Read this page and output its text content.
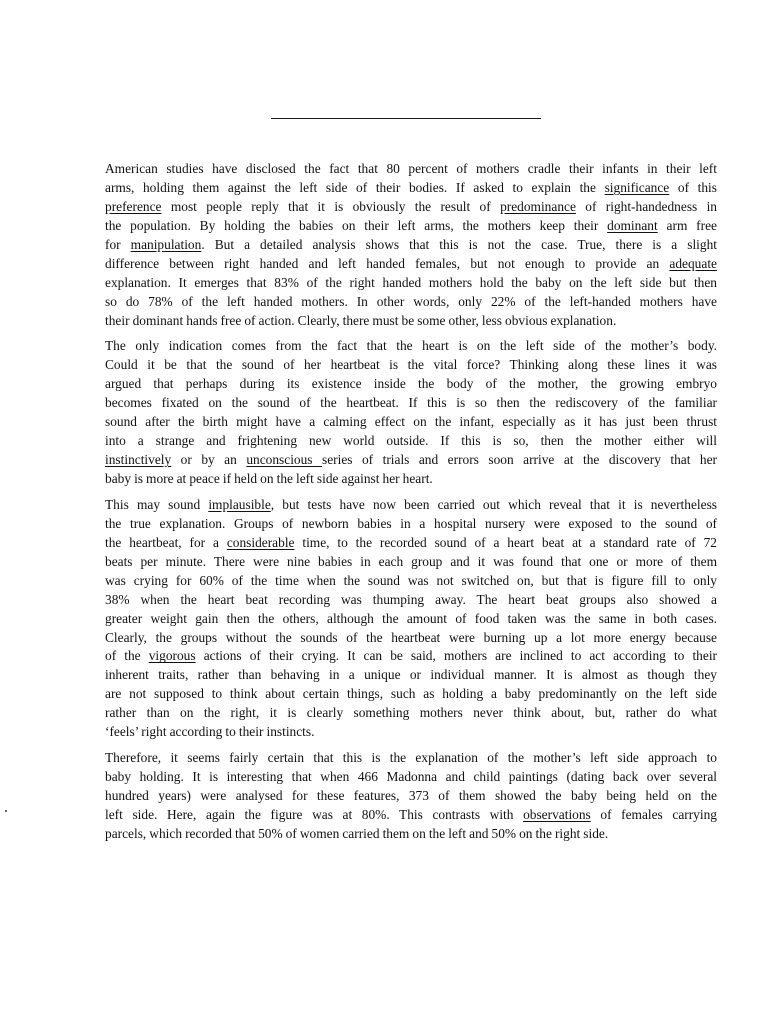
American studies have disclosed the fact that 80 percent of mothers cradle their infants in their left
arms, holding them against the left side of their bodies. If asked to explain the significance of this
preference most people reply that it is obviously the result of predominance of right-handedness in
the population. By holding the babies on their left arms, the mothers keep their dominant arm free
for manipulation. But a detailed analysis shows that this is not the case. True, there is a slight
difference between right handed and left handed females, but not enough to provide an adequate
explanation. It emerges that 83% of the right handed mothers hold the baby on the left side but then
so do 78% of the left handed mothers. In other words, only 22% of the left-handed mothers have
their dominant hands free of action. Clearly, there must be some other, less obvious explanation.
The only indication comes from the fact that the heart is on the left side of the mother’s body.
Could it be that the sound of her heartbeat is the vital force? Thinking along these lines it was
argued that perhaps during its existence inside the body of the mother, the growing embryo
becomes fixated on the sound of the heartbeat. If this is so then the rediscovery of the familiar
sound after the birth might have a calming effect on the infant, especially as it has just been thrust
into a strange and frightening new world outside. If this is so, then the mother either will
instinctively or by an unconscious series of trials and errors soon arrive at the discovery that her
baby is more at peace if held on the left side against her heart.
This may sound implausible, but tests have now been carried out which reveal that it is nevertheless
the true explanation. Groups of newborn babies in a hospital nursery were exposed to the sound of
the heartbeat, for a considerable time, to the recorded sound of a heart beat at a standard rate of 72
beats per minute. There were nine babies in each group and it was found that one or more of them
was crying for 60% of the time when the sound was not switched on, but that is figure fill to only
38% when the heart beat recording was thumping away. The heart beat groups also showed a
greater weight gain then the others, although the amount of food taken was the same in both cases.
Clearly, the groups without the sounds of the heartbeat were burning up a lot more energy because
of the vigorous actions of their crying. It can be said, mothers are inclined to act according to their
inherent traits, rather than behaving in a unique or individual manner. It is almost as though they
are not supposed to think about certain things, such as holding a baby predominantly on the left side
rather than on the right, it is clearly something mothers never think about, but, rather do what
‘feels’ right according to their instincts.
Therefore, it seems fairly certain that this is the explanation of the mother’s left side approach to
baby holding. It is interesting that when 466 Madonna and child paintings (dating back over several
hundred years) were analysed for these features, 373 of them showed the baby being held on the
left side. Here, again the figure was at 80%. This contrasts with observations of females carrying
parcels, which recorded that 50% of women carried them on the left and 50% on the right side.
